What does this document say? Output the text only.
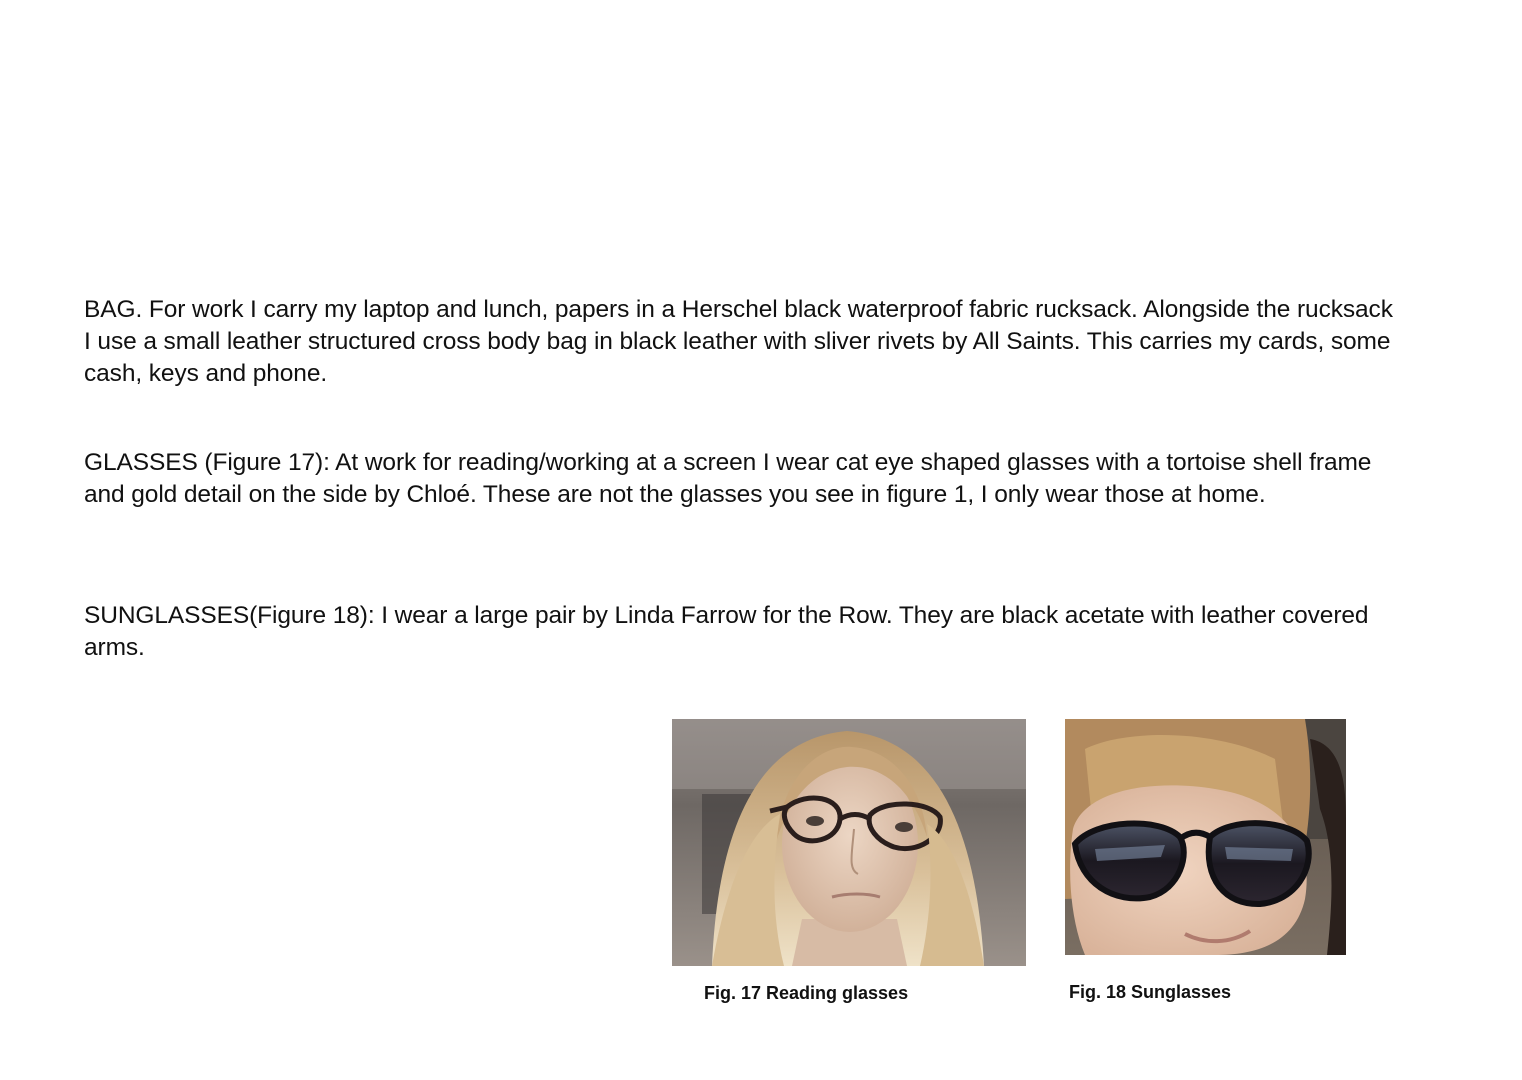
BAG. For work I carry my laptop and lunch, papers in a Herschel black waterproof fabric rucksack. Alongside the rucksack I use a small leather structured cross body bag in black leather with sliver rivets by All Saints. This carries my cards, some cash, keys and phone.

GLASSES (Figure 17): At work for reading/working at a screen I wear cat eye shaped glasses with a tortoise shell frame and gold detail on the side by Chloé. These are not the glasses you see in figure 1, I only wear those at home.

SUNGLASSES(Figure 18): I wear a large pair by Linda Farrow for the Row. They are black acetate with leather covered arms.

Fig. 17 Reading glasses	Fig. 18 Sunglasses
